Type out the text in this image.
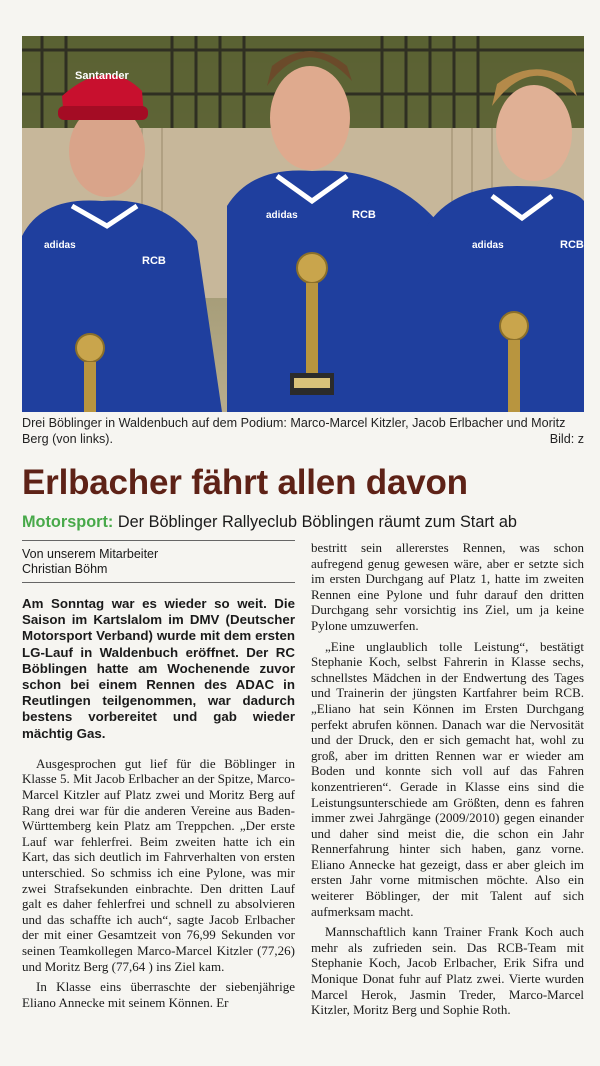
Santander
adidas
RCB
adidas	RCB
adidas	RCB
Drei Böblinger in Waldenbuch auf dem Podium: Marco-Marcel Kitzler, Jacob Erlbacher und Moritz Berg (von links).	Bild: z
Erlbacher fährt allen davon
Motorsport: Der Böblinger Rallyeclub Böblingen räumt zum Start ab
Von unserem Mitarbeiter
Christian Böhm
Am Sonntag war es wieder so weit. Die Saison im Kartslalom im DMV (Deutscher Motorsport Verband) wurde mit dem ersten LG-Lauf in Waldenbuch eröffnet. Der RC Böblingen hatte am Wochenende zuvor schon bei einem Rennen des ADAC in Reutlingen teilgenommen, war dadurch bestens vorbereitet und gab wieder mächtig Gas.

Ausgesprochen gut lief für die Böblinger in Klasse 5. Mit Jacob Erlbacher an der Spitze, Marco-Marcel Kitzler auf Platz zwei und Moritz Berg auf Rang drei war für die anderen Vereine aus Baden-Württemberg kein Platz am Treppchen. „Der erste Lauf war fehlerfrei. Beim zweiten hatte ich ein Kart, das sich deutlich im Fahrverhalten von ersten unterschied. So schmiss ich eine Pylone, was mir zwei Strafsekunden einbrachte. Den dritten Lauf galt es daher fehlerfrei und schnell zu absolvieren und das schaffte ich auch“, sagte Jacob Erlbacher der mit einer Gesamtzeit von 76,99 Sekunden vor seinen Teamkollegen Marco-Marcel Kitzler (77,26) und Moritz Berg (77,64 ) ins Ziel kam.

In Klasse eins überraschte der siebenjährige Eliano Annecke mit seinem Können. Er

bestritt sein allererstes Rennen, was schon aufregend genug gewesen wäre, aber er setzte sich im ersten Durchgang auf Platz 1, hatte im zweiten Rennen eine Pylone und fuhr darauf den dritten Durchgang sehr vorsichtig ins Ziel, um ja keine Pylone umzuwerfen.

„Eine unglaublich tolle Leistung“, bestätigt Stephanie Koch, selbst Fahrerin in Klasse sechs, schnellstes Mädchen in der Endwertung des Tages und Trainerin der jüngsten Kartfahrer beim RCB. „Eliano hat sein Können im Ersten Durchgang perfekt abrufen können. Danach war die Nervosität und der Druck, den er sich gemacht hat, wohl zu groß, aber im dritten Rennen war er wieder am Boden und konnte sich voll auf das Fahren konzentrieren“. Gerade in Klasse eins sind die Leistungsunterschiede am Größten, denn es fahren immer zwei Jahrgänge (2009/2010) gegen einander und daher sind meist die, die schon ein Jahr Rennerfahrung hinter sich haben, ganz vorne. Eliano Annecke hat gezeigt, dass er aber gleich im ersten Jahr vorne mitmischen möchte. Also ein weiterer Böblinger, der mit Talent auf sich aufmerksam macht.

Mannschaftlich kann Trainer Frank Koch auch mehr als zufrieden sein. Das RCB-Team mit Stephanie Koch, Jacob Erlbacher, Erik Sifra und Monique Donat fuhr auf Platz zwei. Vierte wurden Marcel Herok, Jasmin Treder, Marco-Marcel Kitzler, Moritz Berg und Sophie Roth.
